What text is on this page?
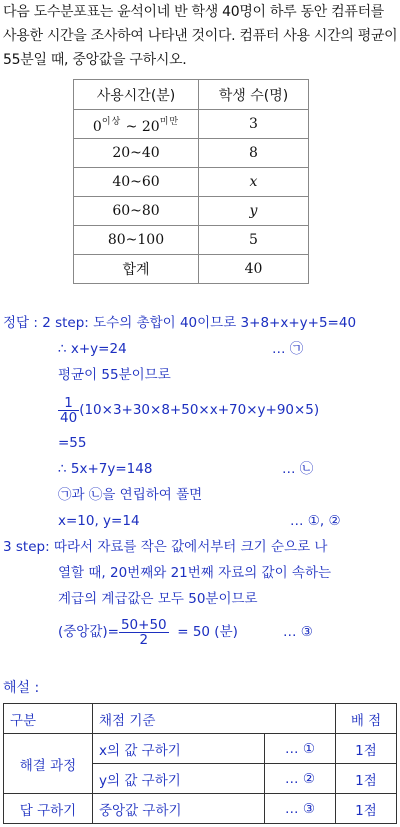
다음 도수분포표는 윤석이네 반 학생 40명이 하루 동안 컴퓨터를
사용한 시간을 조사하여 나타낸 것이다. 컴퓨터 사용 시간의 평균이
55분일 때, 중앙값을 구하시오.
사용시간(분)	학생 수(명)
$0^{이상}$ ~ $20^{미만}$	3
20~40	8
40~60	x
60~80	y
80~100	5
합계	40
정답 : 2 step: 도수의 총합이 40이므로 3+8+x+y+5=40
∴ x+y=24	… ㉠
평균이 55분이므로
$\frac{1}{40} (10\times 3+30\times 8+50\times x+70\times y+90\times 5)$
=55
∴ 5x+7y=148	… ㉡
㉠과 ㉡을 연립하여 풀면
x=10, y=14	… ①, ②
3 step: 따라서 자료를 작은 값에서부터 크기 순으로 나
열할 때, 20번째와 21번째 자료의 값이 속하는
계급의 계급값은 모두 50분이므로
(중앙값)= $\frac{50+50}{2} = 50$ (분)	… ③
해설 :
구분	채점 기준		배 점
해결 과정	x의 값 구하기	… ①	1점
	y의 값 구하기	… ②	1점
답 구하기	중앙값 구하기	… ③	1점
